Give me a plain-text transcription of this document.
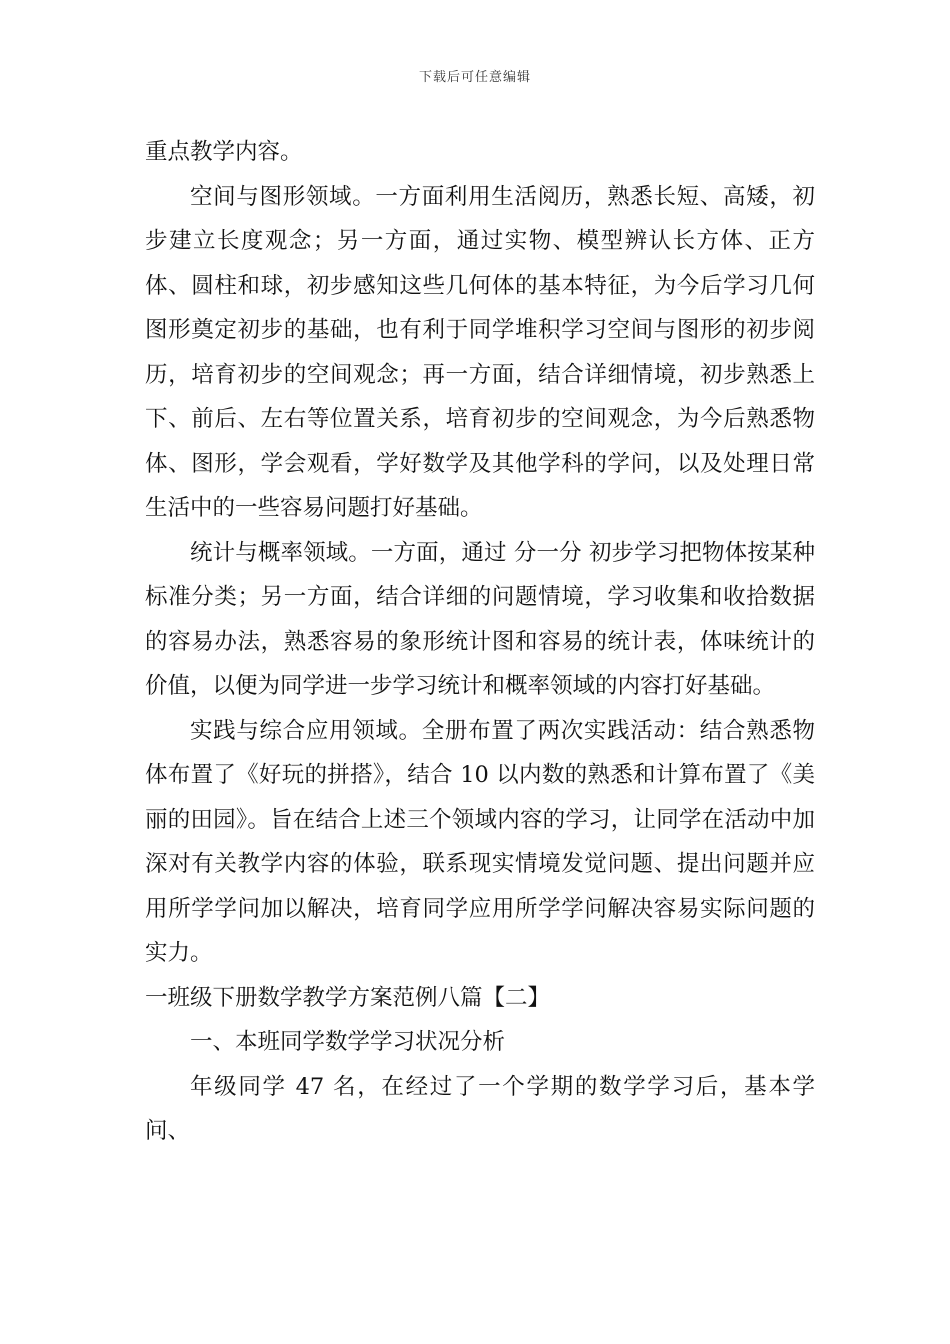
下载后可任意编辑

重点教学内容。

空间与图形领域。一方面利用生活阅历，熟悉长短、高矮，初步建立长度观念；另一方面，通过实物、模型辨认长方体、正方体、圆柱和球，初步感知这些几何体的基本特征，为今后学习几何图形奠定初步的基础，也有利于同学堆积学习空间与图形的初步阅历，培育初步的空间观念；再一方面，结合详细情境，初步熟悉上下、前后、左右等位置关系，培育初步的空间观念，为今后熟悉物体、图形，学会观看，学好数学及其他学科的学问，以及处理日常生活中的一些容易问题打好基础。

统计与概率领域。一方面，通过 分一分 初步学习把物体按某种标准分类；另一方面，结合详细的问题情境，学习收集和收拾数据的容易办法，熟悉容易的象形统计图和容易的统计表，体味统计的价值，以便为同学进一步学习统计和概率领域的内容打好基础。

实践与综合应用领域。全册布置了两次实践活动：结合熟悉物体布置了《好玩的拼搭》，结合 10 以内数的熟悉和计算布置了《美丽的田园》。旨在结合上述三个领域内容的学习，让同学在活动中加深对有关教学内容的体验，联系现实情境发觉问题、提出问题并应用所学学问加以解决，培育同学应用所学学问解决容易实际问题的实力。

一班级下册数学教学方案范例八篇【二】

一、本班同学数学学习状况分析

年级同学 47 名，在经过了一个学期的数学学习后，基本学问、
